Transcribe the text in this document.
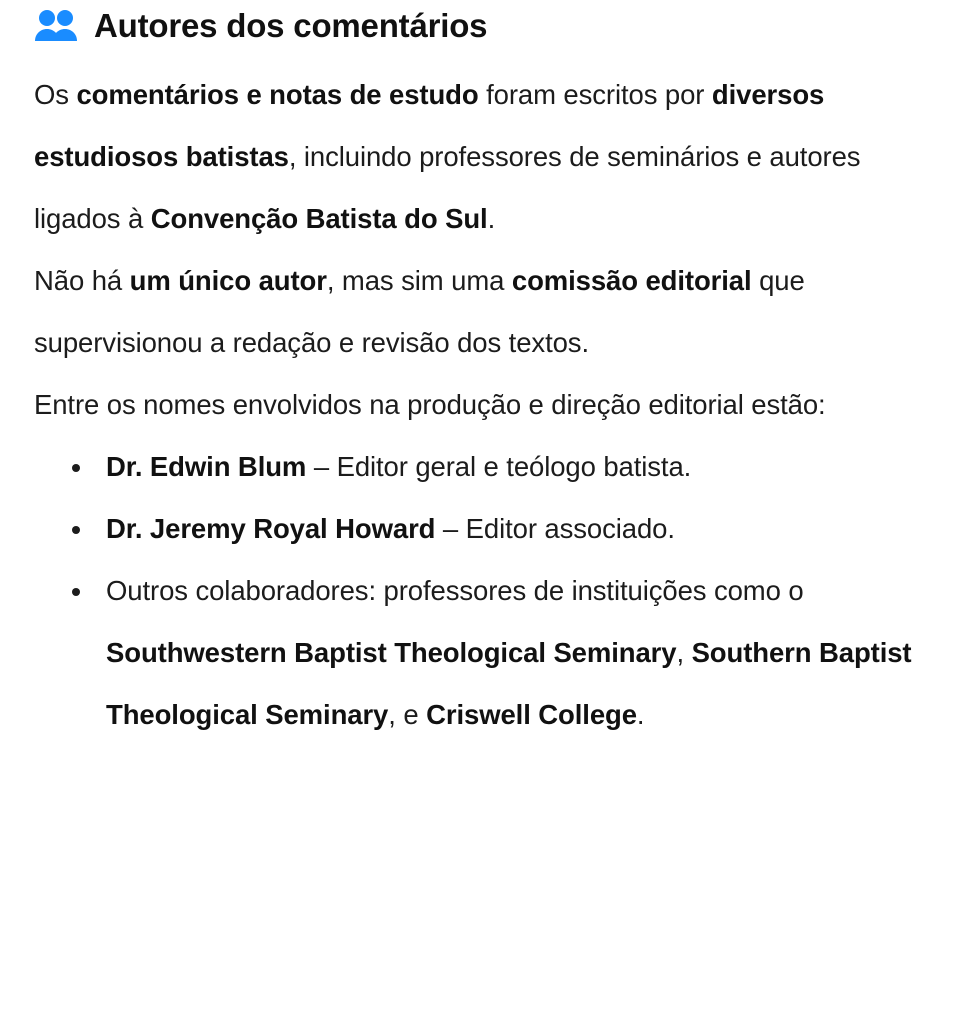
Autores dos comentários

Os comentários e notas de estudo foram escritos por diversos estudiosos batistas, incluindo professores de seminários e autores ligados à Convenção Batista do Sul.

Não há um único autor, mas sim uma comissão editorial que supervisionou a redação e revisão dos textos.

Entre os nomes envolvidos na produção e direção editorial estão:

Dr. Edwin Blum – Editor geral e teólogo batista.
Dr. Jeremy Royal Howard – Editor associado.
Outros colaboradores: professores de instituições como o Southwestern Baptist Theological Seminary, Southern Baptist Theological Seminary, e Criswell College.
